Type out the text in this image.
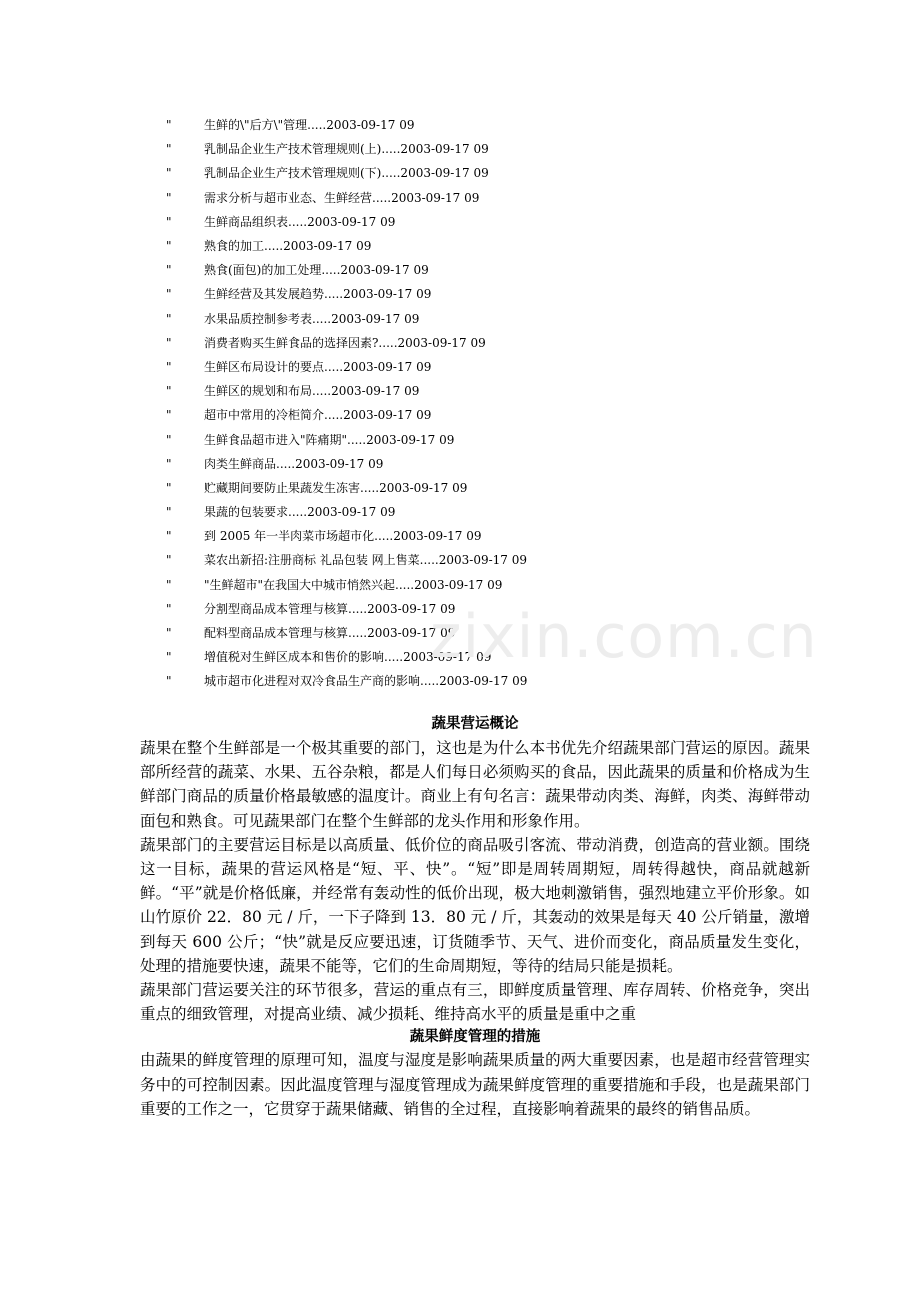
"	生鲜的\"后方\"管理.....2003-09-17 09
"	乳制品企业生产技术管理规则(上).....2003-09-17 09
"	乳制品企业生产技术管理规则(下).....2003-09-17 09
"	需求分析与超市业态、生鲜经营.....2003-09-17 09
"	生鲜商品组织表.....2003-09-17 09
"	熟食的加工.....2003-09-17 09
"	熟食(面包)的加工处理.....2003-09-17 09
"	生鲜经营及其发展趋势.....2003-09-17 09
"	水果品质控制参考表.....2003-09-17 09
"	消费者购买生鲜食品的选择因素?.....2003-09-17 09
"	生鲜区布局设计的要点.....2003-09-17 09
"	生鲜区的规划和布局.....2003-09-17 09
"	超市中常用的冷柜简介.....2003-09-17 09
"	生鲜食品超市进入"阵痛期".....2003-09-17 09
"	肉类生鲜商品.....2003-09-17 09
"	贮藏期间要防止果蔬发生冻害.....2003-09-17 09
"	果蔬的包装要求.....2003-09-17 09
"	到 2005 年一半肉菜市场超市化.....2003-09-17 09
"	菜农出新招:注册商标 礼品包装 网上售菜.....2003-09-17 09
"	"生鲜超市"在我国大中城市悄然兴起.....2003-09-17 09
"	分割型商品成本管理与核算.....2003-09-17 09
"	配料型商品成本管理与核算.....2003-09-17 09
"	增值税对生鲜区成本和售价的影响.....2003-09-17 09
"	城市超市化进程对双冷食品生产商的影响.....2003-09-17 09
zixin.com.cn
蔬果营运概论

蔬果在整个生鲜部是一个极其重要的部门，这也是为什么本书优先介绍蔬果部门营运的原因。蔬果部所经营的蔬菜、水果、五谷杂粮，都是人们每日必须购买的食品，因此蔬果的质量和价格成为生鲜部门商品的质量价格最敏感的温度计。商业上有句名言：蔬果带动肉类、海鲜，肉类、海鲜带动面包和熟食。可见蔬果部门在整个生鲜部的龙头作用和形象作用。

蔬果部门的主要营运目标是以高质量、低价位的商品吸引客流、带动消费，创造高的营业额。围绕这一目标，蔬果的营运风格是“短、平、快”。“短”即是周转周期短，周转得越快，商品就越新鲜。“平”就是价格低廉，并经常有轰动性的低价出现，极大地刺激销售，强烈地建立平价形象。如山竹原价 22．80 元 / 斤，一下子降到 13．80 元 / 斤，其轰动的效果是每天 40 公斤销量，激增到每天 600 公斤；“快”就是反应要迅速，订货随季节、天气、进价而变化，商品质量发生变化，处理的措施要快速，蔬果不能等，它们的生命周期短，等待的结局只能是损耗。

蔬果部门营运要关注的环节很多，营运的重点有三，即鲜度质量管理、库存周转、价格竞争，突出重点的细致管理，对提高业绩、减少损耗、维持高水平的质量是重中之重

蔬果鲜度管理的措施

由蔬果的鲜度管理的原理可知，温度与湿度是影响蔬果质量的两大重要因素，也是超市经营管理实务中的可控制因素。因此温度管理与湿度管理成为蔬果鲜度管理的重要措施和手段，也是蔬果部门重要的工作之一，它贯穿于蔬果储藏、销售的全过程，直接影响着蔬果的最终的销售品质。
